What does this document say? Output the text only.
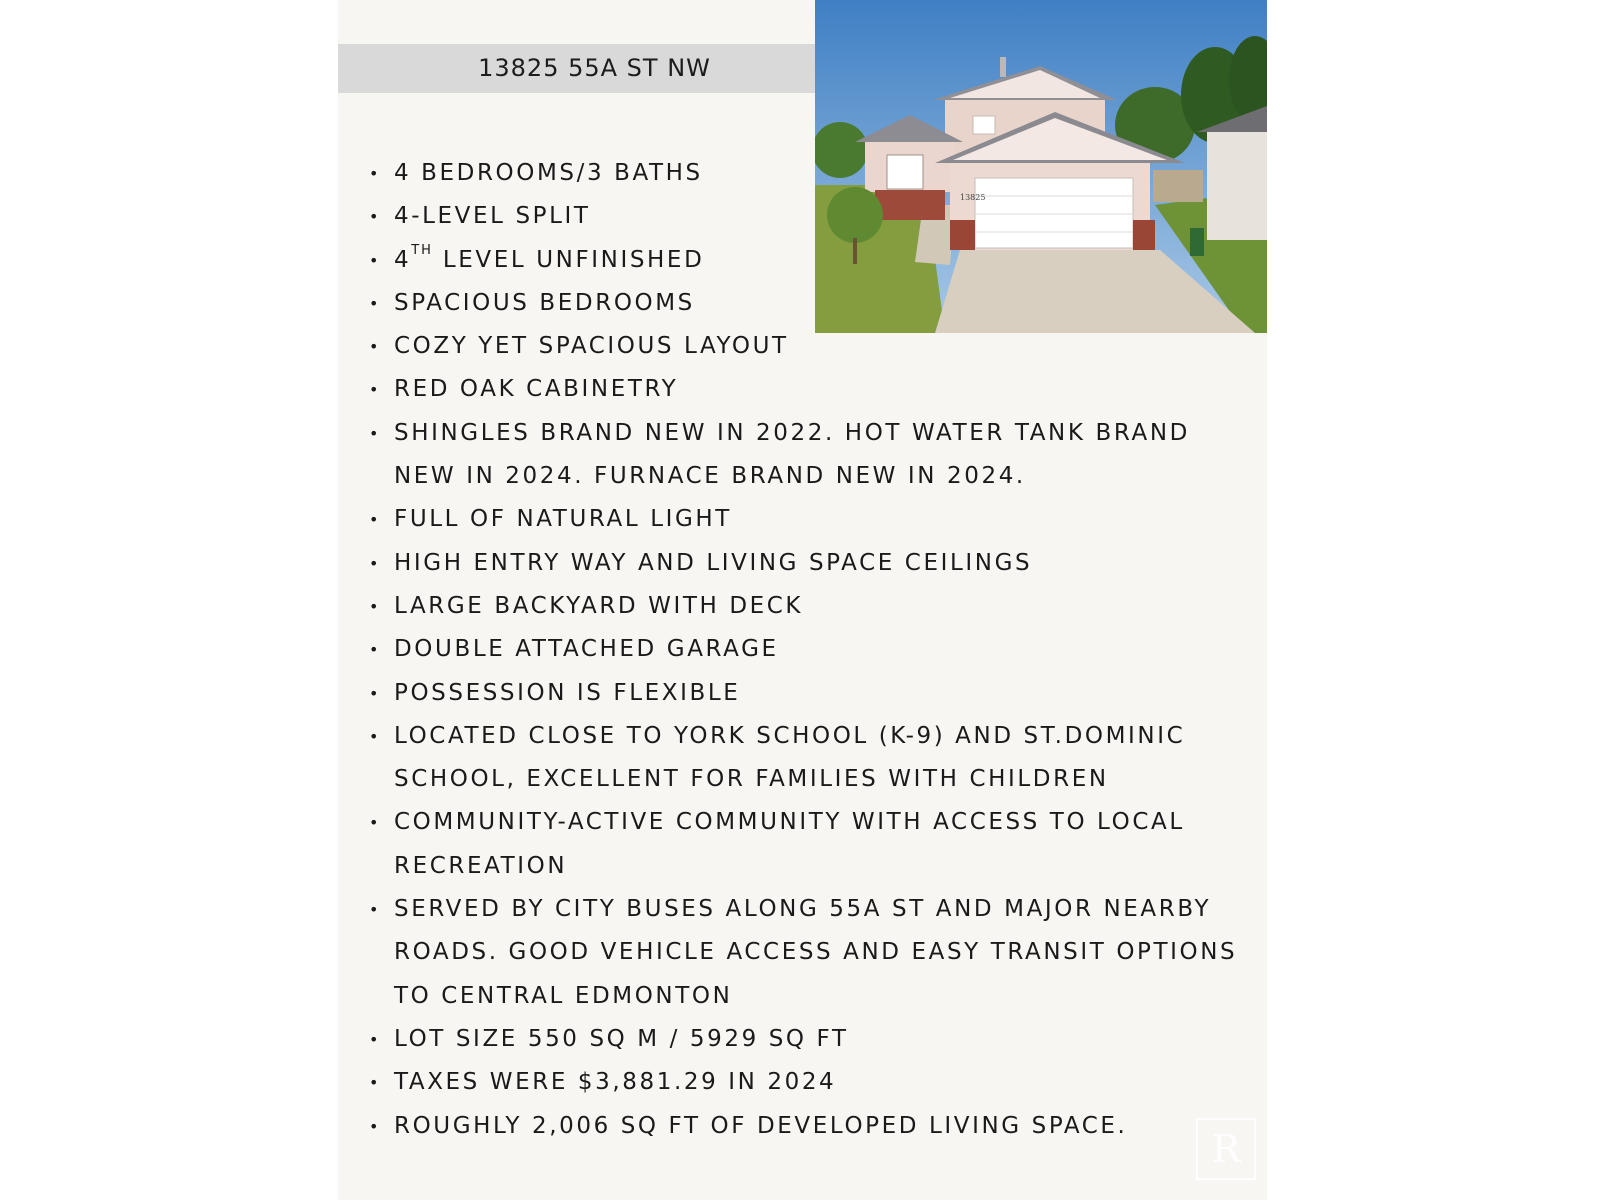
13825 55A ST NW
13825
• 4 BEDROOMS/3 BATHS
• 4-LEVEL SPLIT
• 4TH LEVEL UNFINISHED
• SPACIOUS BEDROOMS
• COZY YET SPACIOUS LAYOUT
• RED OAK CABINETRY
• SHINGLES BRAND NEW IN 2022. HOT WATER TANK BRAND NEW IN 2024. FURNACE BRAND NEW IN 2024.
• FULL OF NATURAL LIGHT
• HIGH ENTRY WAY AND LIVING SPACE CEILINGS
• LARGE BACKYARD WITH DECK
• DOUBLE ATTACHED GARAGE
• POSSESSION IS FLEXIBLE
• LOCATED CLOSE TO YORK SCHOOL (K-9) AND ST.DOMINIC SCHOOL, EXCELLENT FOR FAMILIES WITH CHILDREN
• COMMUNITY-ACTIVE COMMUNITY WITH ACCESS TO LOCAL RECREATION
• SERVED BY CITY BUSES ALONG 55A ST AND MAJOR NEARBY ROADS. GOOD VEHICLE ACCESS AND EASY TRANSIT OPTIONS TO CENTRAL EDMONTON
• LOT SIZE 550 SQ M / 5929 SQ FT
• TAXES WERE $3,881.29 IN 2024
• ROUGHLY 2,006 SQ FT OF DEVELOPED LIVING SPACE.
R
